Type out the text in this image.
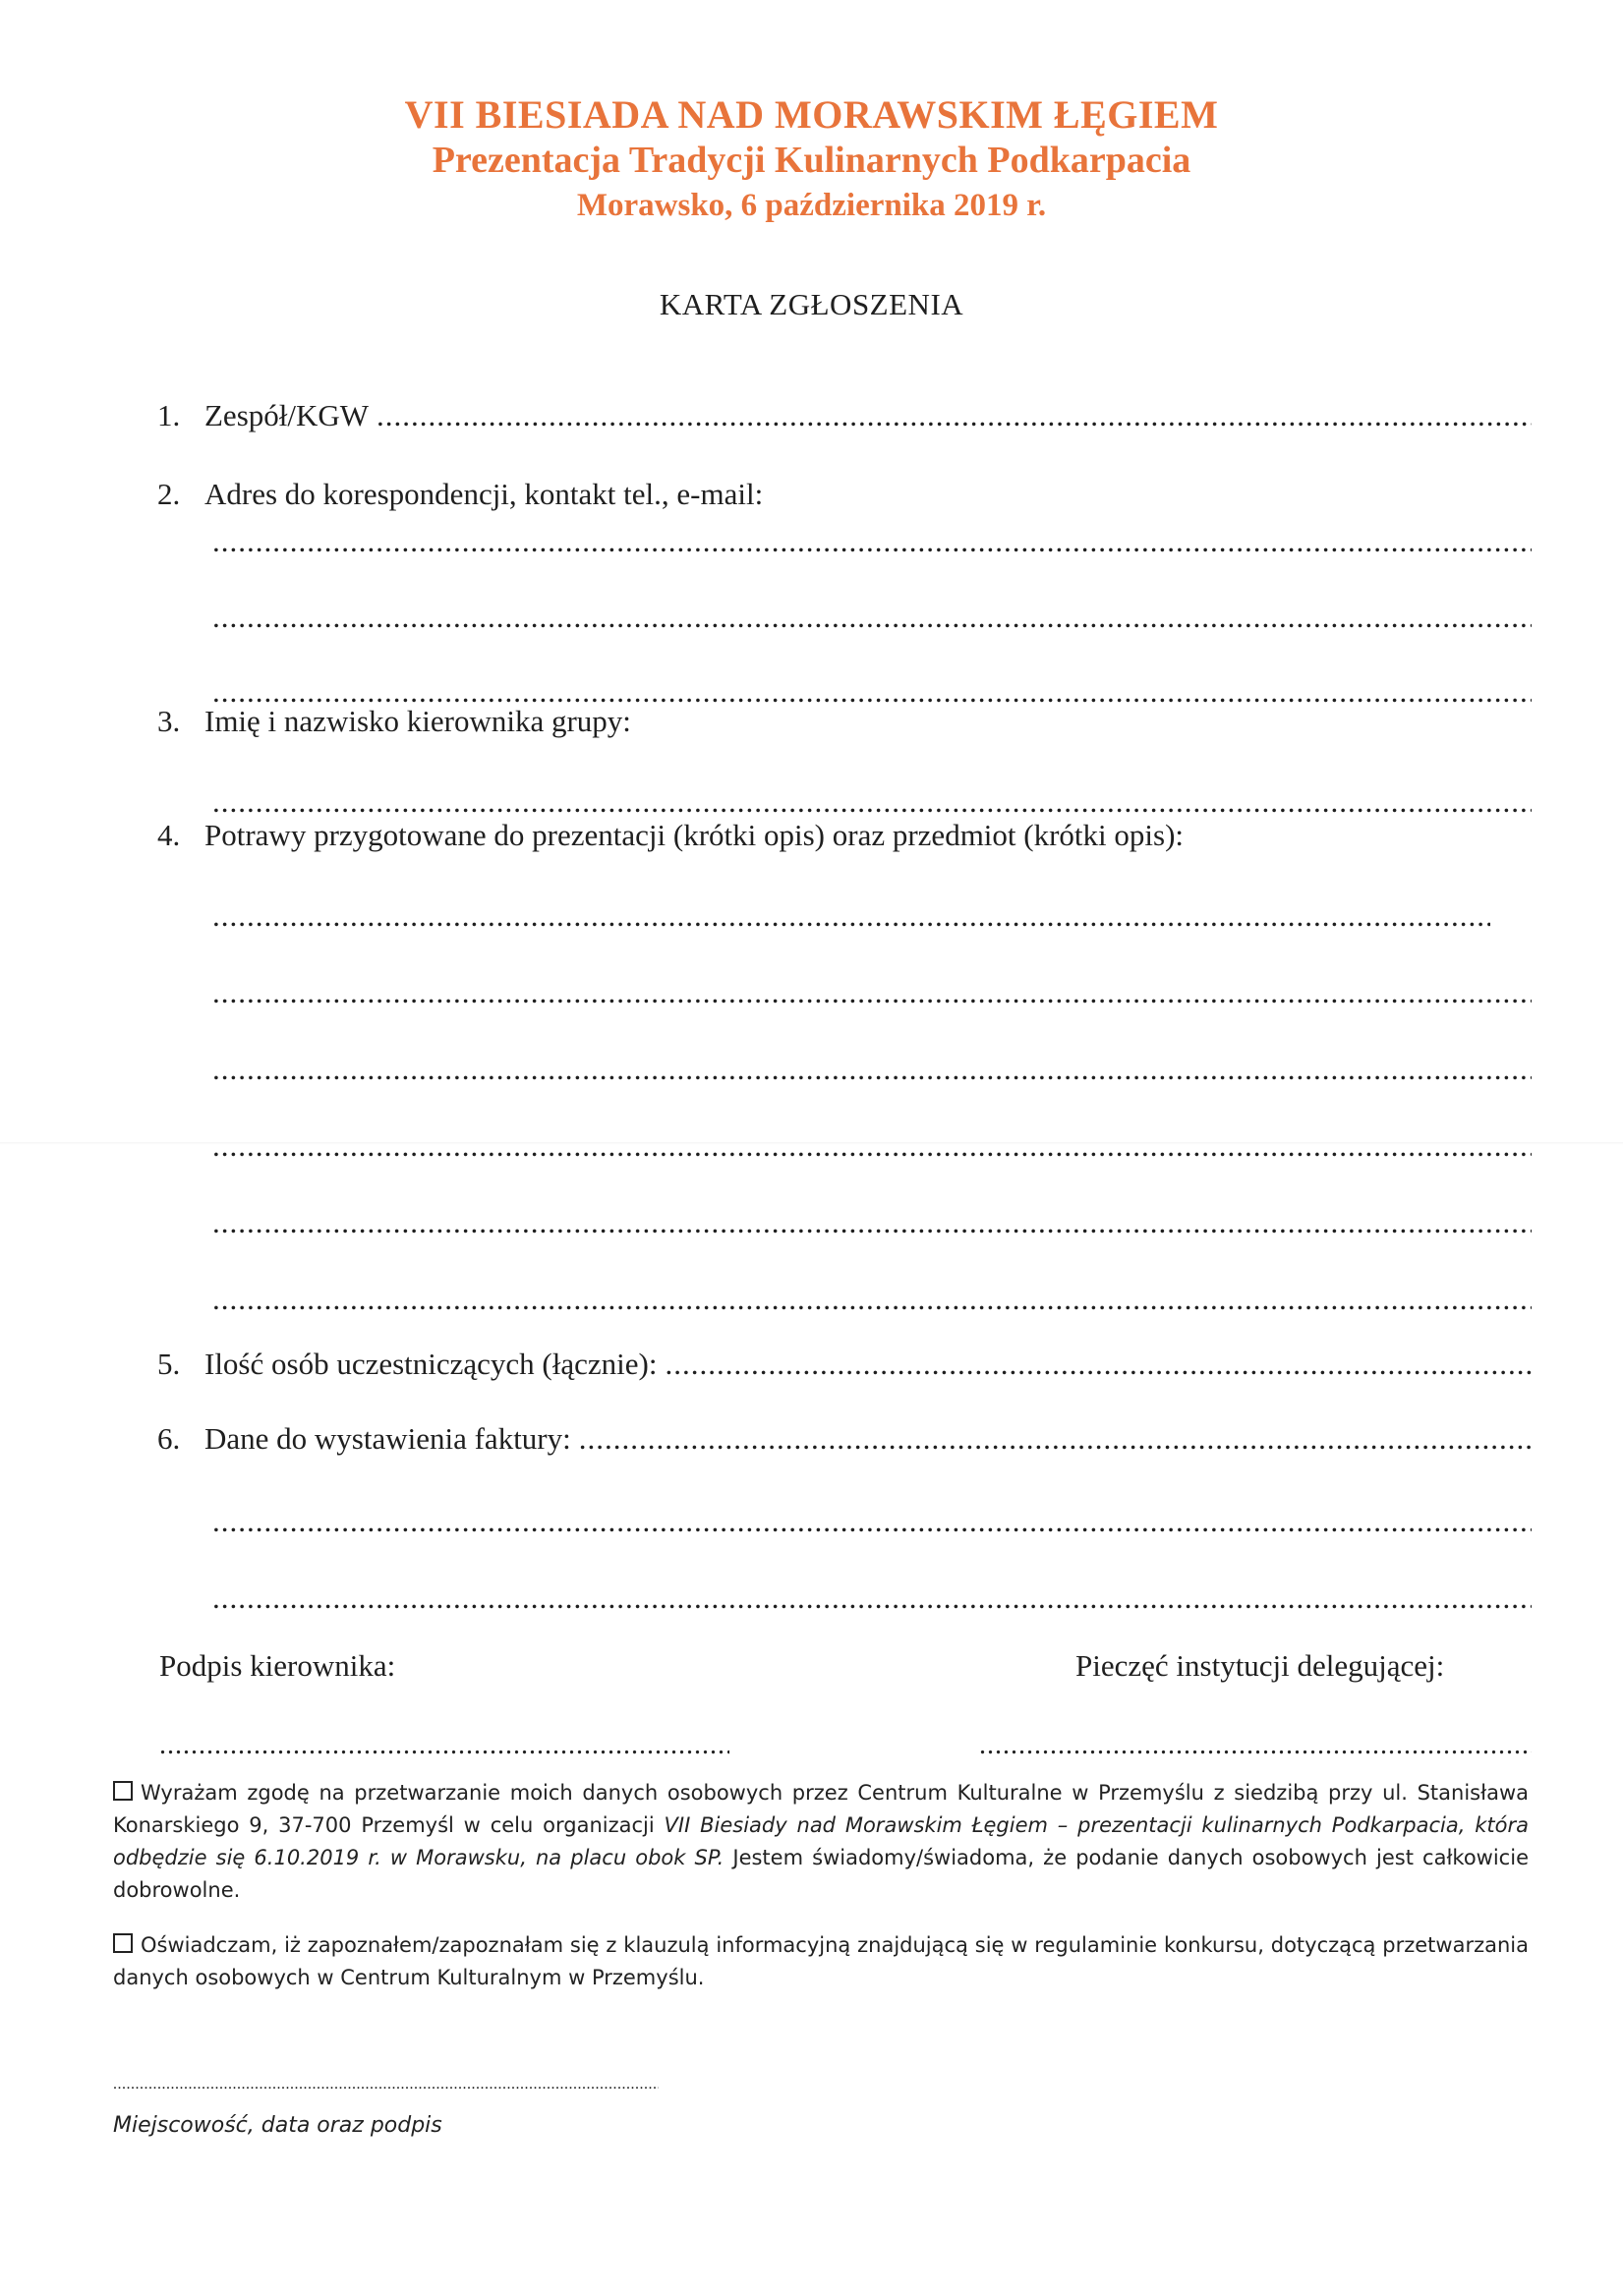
VII BIESIADA NAD MORAWSKIM ŁĘGIEM
Prezentacja Tradycji Kulinarnych Podkarpacia
Morawsko, 6 października 2019 r.
KARTA ZGŁOSZENIA
1. Zespół/KGW
.....
2. Adres do korespondencji, kontakt tel., e-mail:
.....
.....
.....
3. Imię i nazwisko kierownika grupy:
.....
4. Potrawy przygotowane do prezentacji (krótki opis) oraz przedmiot (krótki opis):
.....
.....
.....
.....
.....
.....
5. Ilość osób uczestniczących (łącznie):
.....
6. Dane do wystawienia faktury:
.....
.....
.....
Podpis kierownika:	Pieczęć instytucji delegującej:
.....
.....
Wyrażam zgodę na przetwarzanie moich danych osobowych przez Centrum Kulturalne w Przemyślu z siedzibą przy ul. Stanisława Konarskiego 9, 37-700 Przemyśl w celu organizacji VII Biesiady nad Morawskim Łęgiem – prezentacji kulinarnych Podkarpacia, która odbędzie się 6.10.2019 r. w Morawsku, na placu obok SP. Jestem świadomy/świadoma, że podanie danych osobowych jest całkowicie dobrowolne.
Oświadczam, iż zapoznałem/zapoznałam się z klauzulą informacyjną znajdującą się w regulaminie konkursu, dotyczącą przetwarzania danych osobowych w Centrum Kulturalnym w Przemyślu.
.....
Miejscowość, data oraz podpis
